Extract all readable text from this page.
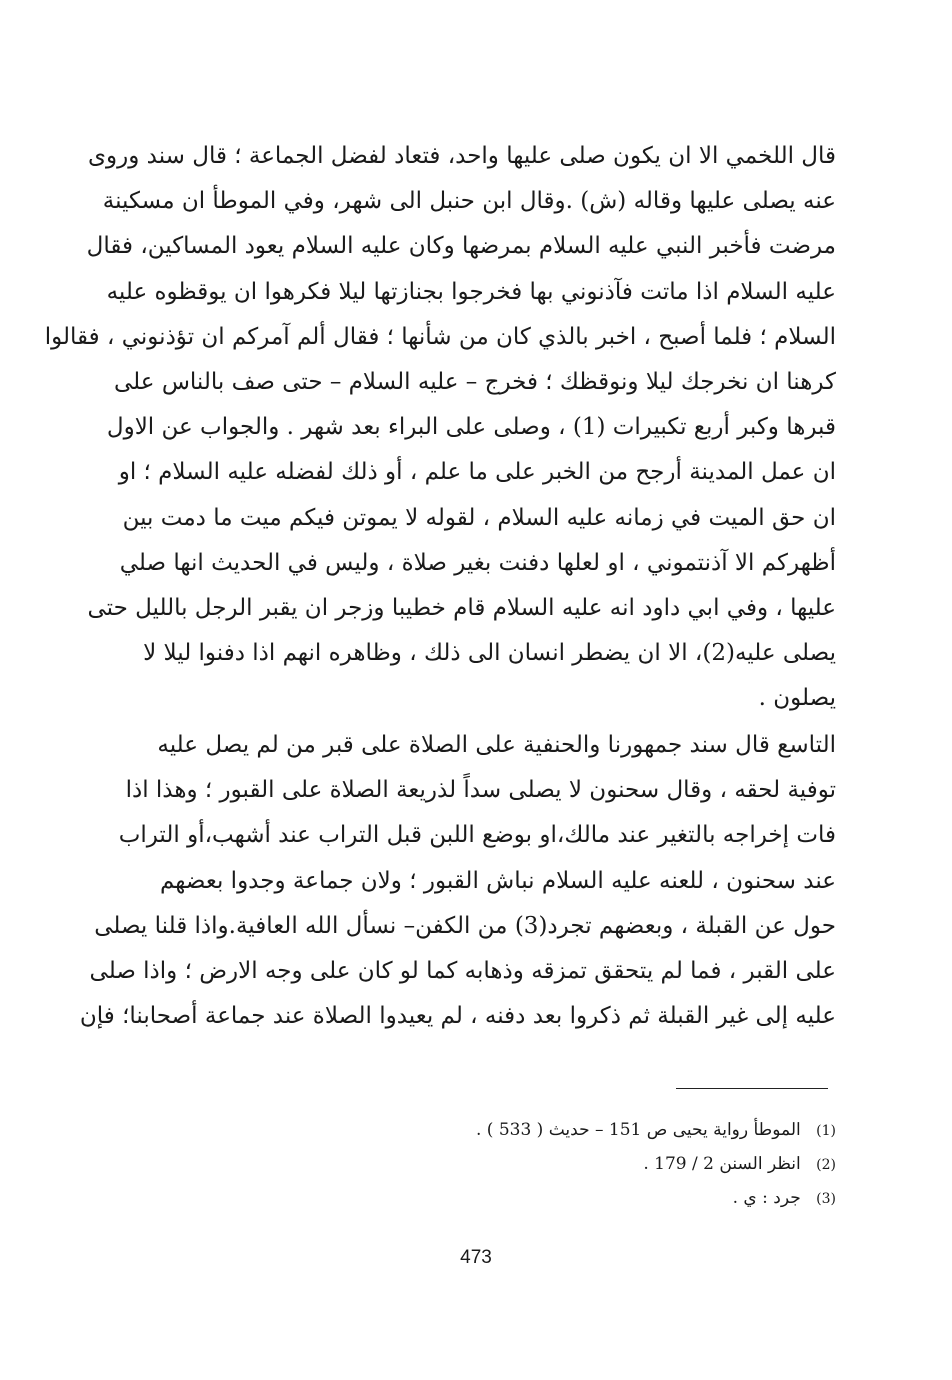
قال اللخمي الا ان يكون صلى عليها واحد، فتعاد لفضل الجماعة ؛ قال سند وروى
عنه يصلى عليها وقاله (ش) .وقال ابن حنبل الى شهر، وفي الموطأ ان مسكينة
مرضت فأخبر النبي عليه السلام بمرضها وكان عليه السلام يعود المساكين، فقال
عليه السلام اذا ماتت فآذنوني بها فخرجوا بجنازتها ليلا فكرهوا ان يوقظوه عليه
السلام ؛ فلما أصبح ، اخبر بالذي كان من شأنها ؛ فقال ألم آمركم ان تؤذنوني ، فقالوا
كرهنا ان نخرجك ليلا ونوقظك ؛ فخرج – عليه السلام – حتى صف بالناس على
قبرها وكبر أربع تكبيرات (1) ، وصلى على البراء بعد شهر . والجواب عن الاول
ان عمل المدينة أرجح من الخبر على ما علم ، أو ذلك لفضله عليه السلام ؛ او
ان حق الميت في زمانه عليه السلام ، لقوله لا يموتن فيكم ميت ما دمت بين
أظهركم الا آذنتموني ، او لعلها دفنت بغير صلاة ، وليس في الحديث انها صلي
عليها ، وفي ابي داود انه عليه السلام قام خطيبا وزجر ان يقبر الرجل بالليل حتى
يصلى عليه(2)، الا ان يضطر انسان الى ذلك ، وظاهره انهم اذا دفنوا ليلا لا
يصلون .
التاسع قال سند جمهورنا والحنفية على الصلاة على قبر من لم يصل عليه
توفية لحقه ، وقال سحنون لا يصلى سداً لذريعة الصلاة على القبور ؛ وهذا اذا
فات إخراجه بالتغير عند مالك،او بوضع اللبن قبل التراب عند أشهب،أو التراب
عند سحنون ، للعنه عليه السلام نباش القبور ؛ ولان جماعة وجدوا بعضهم
حول عن القبلة ، وبعضهم تجرد(3) من الكفن– نسأل الله العافية.واذا قلنا يصلى
على القبر ، فما لم يتحقق تمزقه وذهابه كما لو كان على وجه الارض ؛ واذا صلى
عليه إلى غير القبلة ثم ذكروا بعد دفنه ، لم يعيدوا الصلاة عند جماعة أصحابنا؛ فإن
(1) الموطأ رواية يحيى ص 151 – حديث ( 533 ) .
(2) انظر السنن 2 / 179 .
(3) جرد : ي .
473
